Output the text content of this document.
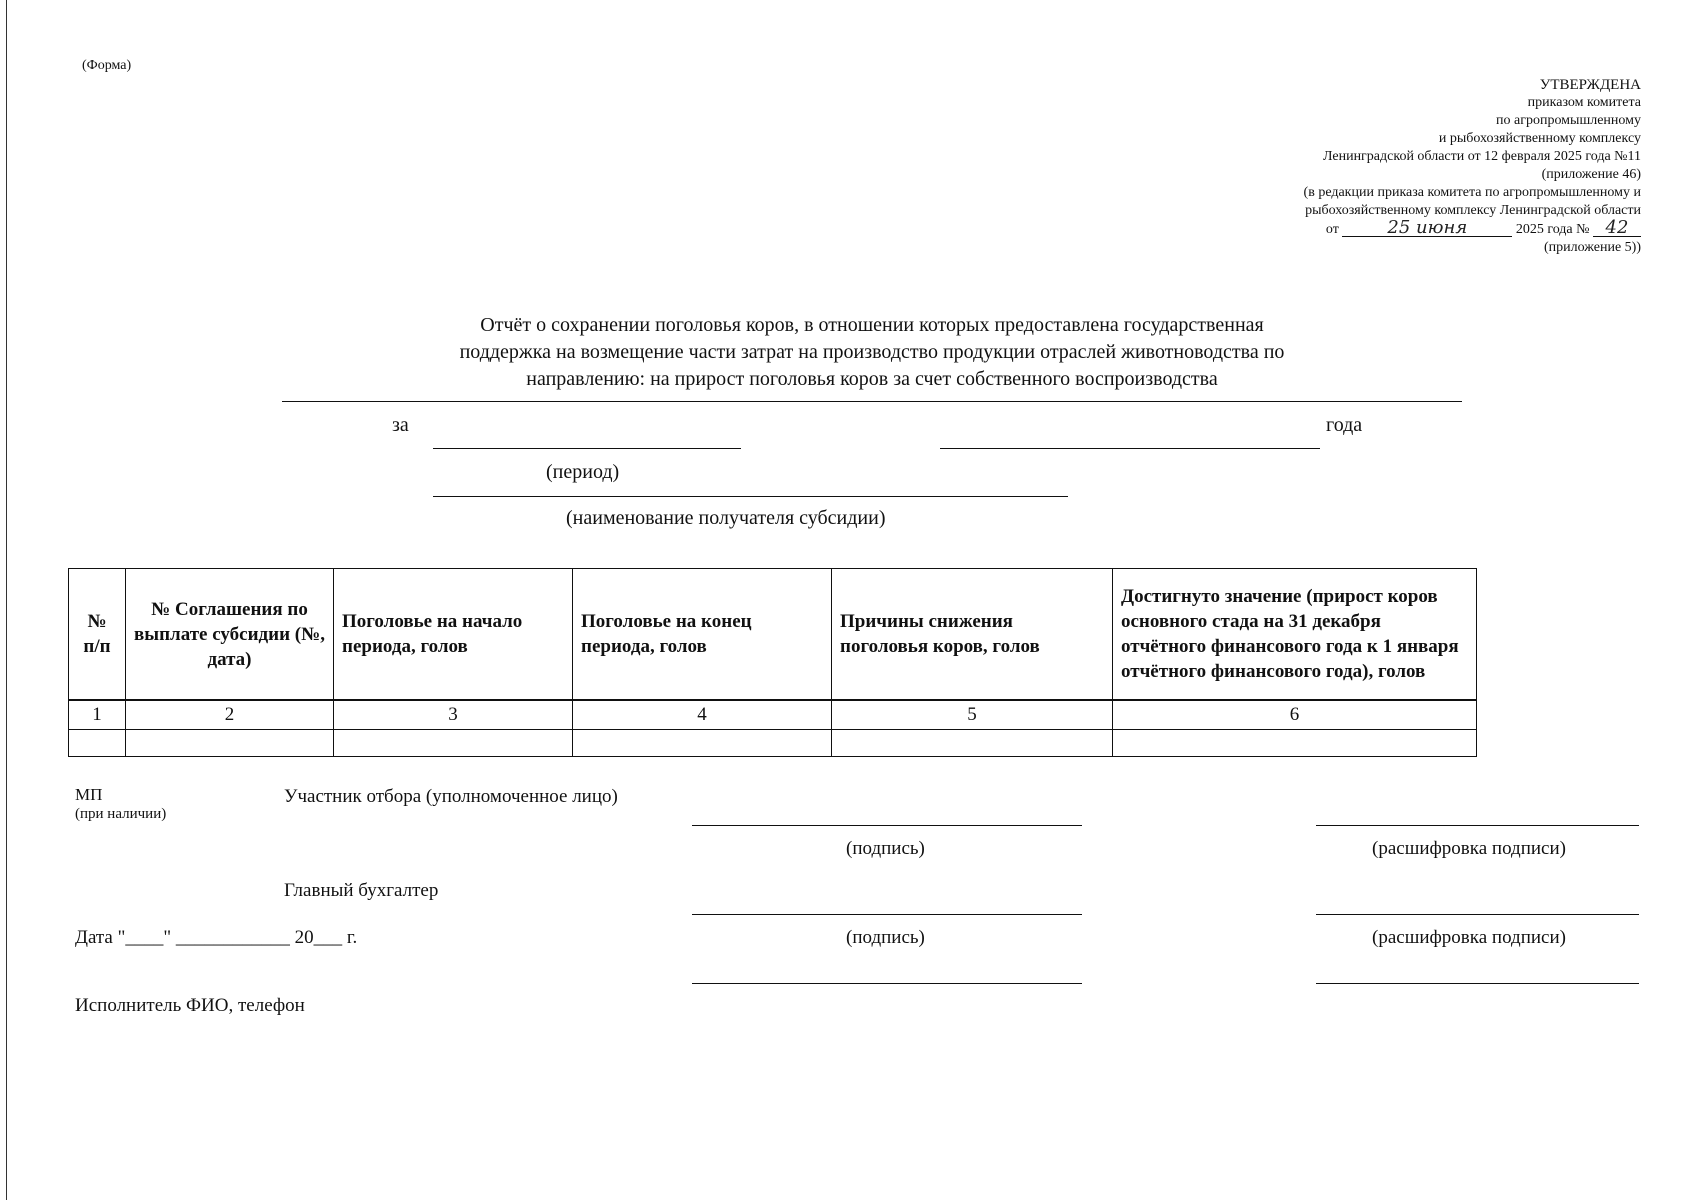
(Форма)
УТВЕРЖДЕНА
приказом комитета
по агропромышленному
и рыбохозяйственному комплексу
Ленинградской области от 12 февраля 2025 года №11
(приложение 46)
(в редакции приказа комитета по агропромышленному и
рыбохозяйственному комплексу Ленинградской области
от	25 июня	2025 года № 42
(приложение 5))
Отчёт о сохранении поголовья коров, в отношении которых предоставлена государственная
поддержка на возмещение части затрат на производство продукции отраслей животноводства по
направлению: на прирост поголовья коров за счет собственного воспроизводства
за	года
(период)
(наименование получателя субсидии)
№ п/п	№ Соглашения по выплате субсидии (№, дата)	Поголовье на начало периода, голов	Поголовье на конец периода, голов	Причины снижения поголовья коров, голов	Достигнуто значение (прирост коров основного стада на 31 декабря отчётного финансового года к 1 января отчётного финансового года), голов
1	2	3	4	5	6

МП
(при наличии)
Участник отбора (уполномоченное лицо)
(подпись)	(расшифровка подписи)
Главный бухгалтер
Дата "____" ____________ 20___ г.	(подпись)	(расшифровка подписи)
Исполнитель ФИО, телефон
